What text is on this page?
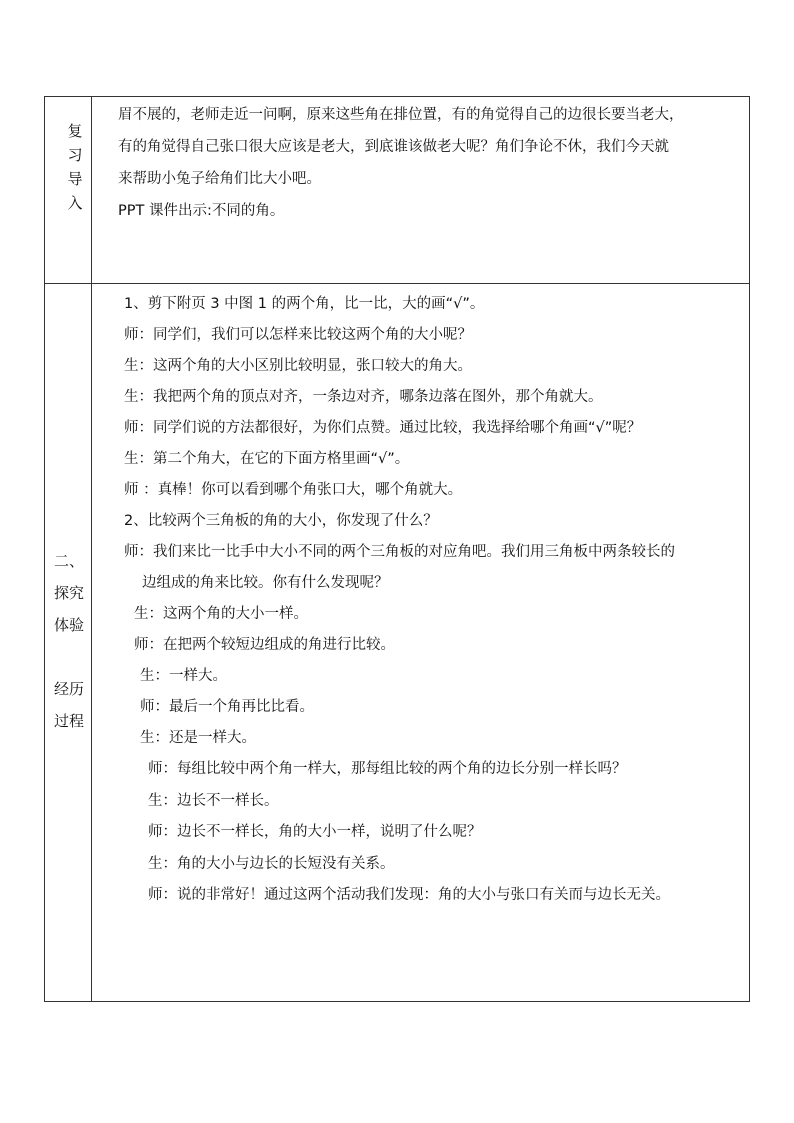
复
习
导
入
二、
探究
体验
经历
过程
眉不展的，老师走近一问啊，原来这些角在排位置，有的角觉得自己的边很长要当老大，
有的角觉得自己张口很大应该是老大，到底谁该做老大呢？角们争论不休，我们今天就
来帮助小兔子给角们比大小吧。
PPT 课件出示:不同的角。
1、剪下附页 3 中图 1 的两个角，比一比，大的画“√”。
师：同学们，我们可以怎样来比较这两个角的大小呢？
生：这两个角的大小区别比较明显，张口较大的角大。
生：我把两个角的顶点对齐，一条边对齐，哪条边落在图外，那个角就大。
师：同学们说的方法都很好，为你们点赞。通过比较，我选择给哪个角画“√”呢？
生：第二个角大，在它的下面方格里画“√”。
师 ：真棒！你可以看到哪个角张口大，哪个角就大。
2、比较两个三角板的角的大小，你发现了什么？
师：我们来比一比手中大小不同的两个三角板的对应角吧。我们用三角板中两条较长的
边组成的角来比较。你有什么发现呢？
生：这两个角的大小一样。
师：在把两个较短边组成的角进行比较。
生：一样大。
师：最后一个角再比比看。
生：还是一样大。
师：每组比较中两个角一样大，那每组比较的两个角的边长分别一样长吗？
生：边长不一样长。
师：边长不一样长，角的大小一样，说明了什么呢？
生：角的大小与边长的长短没有关系。
师：说的非常好！通过这两个活动我们发现：角的大小与张口有关而与边长无关。
